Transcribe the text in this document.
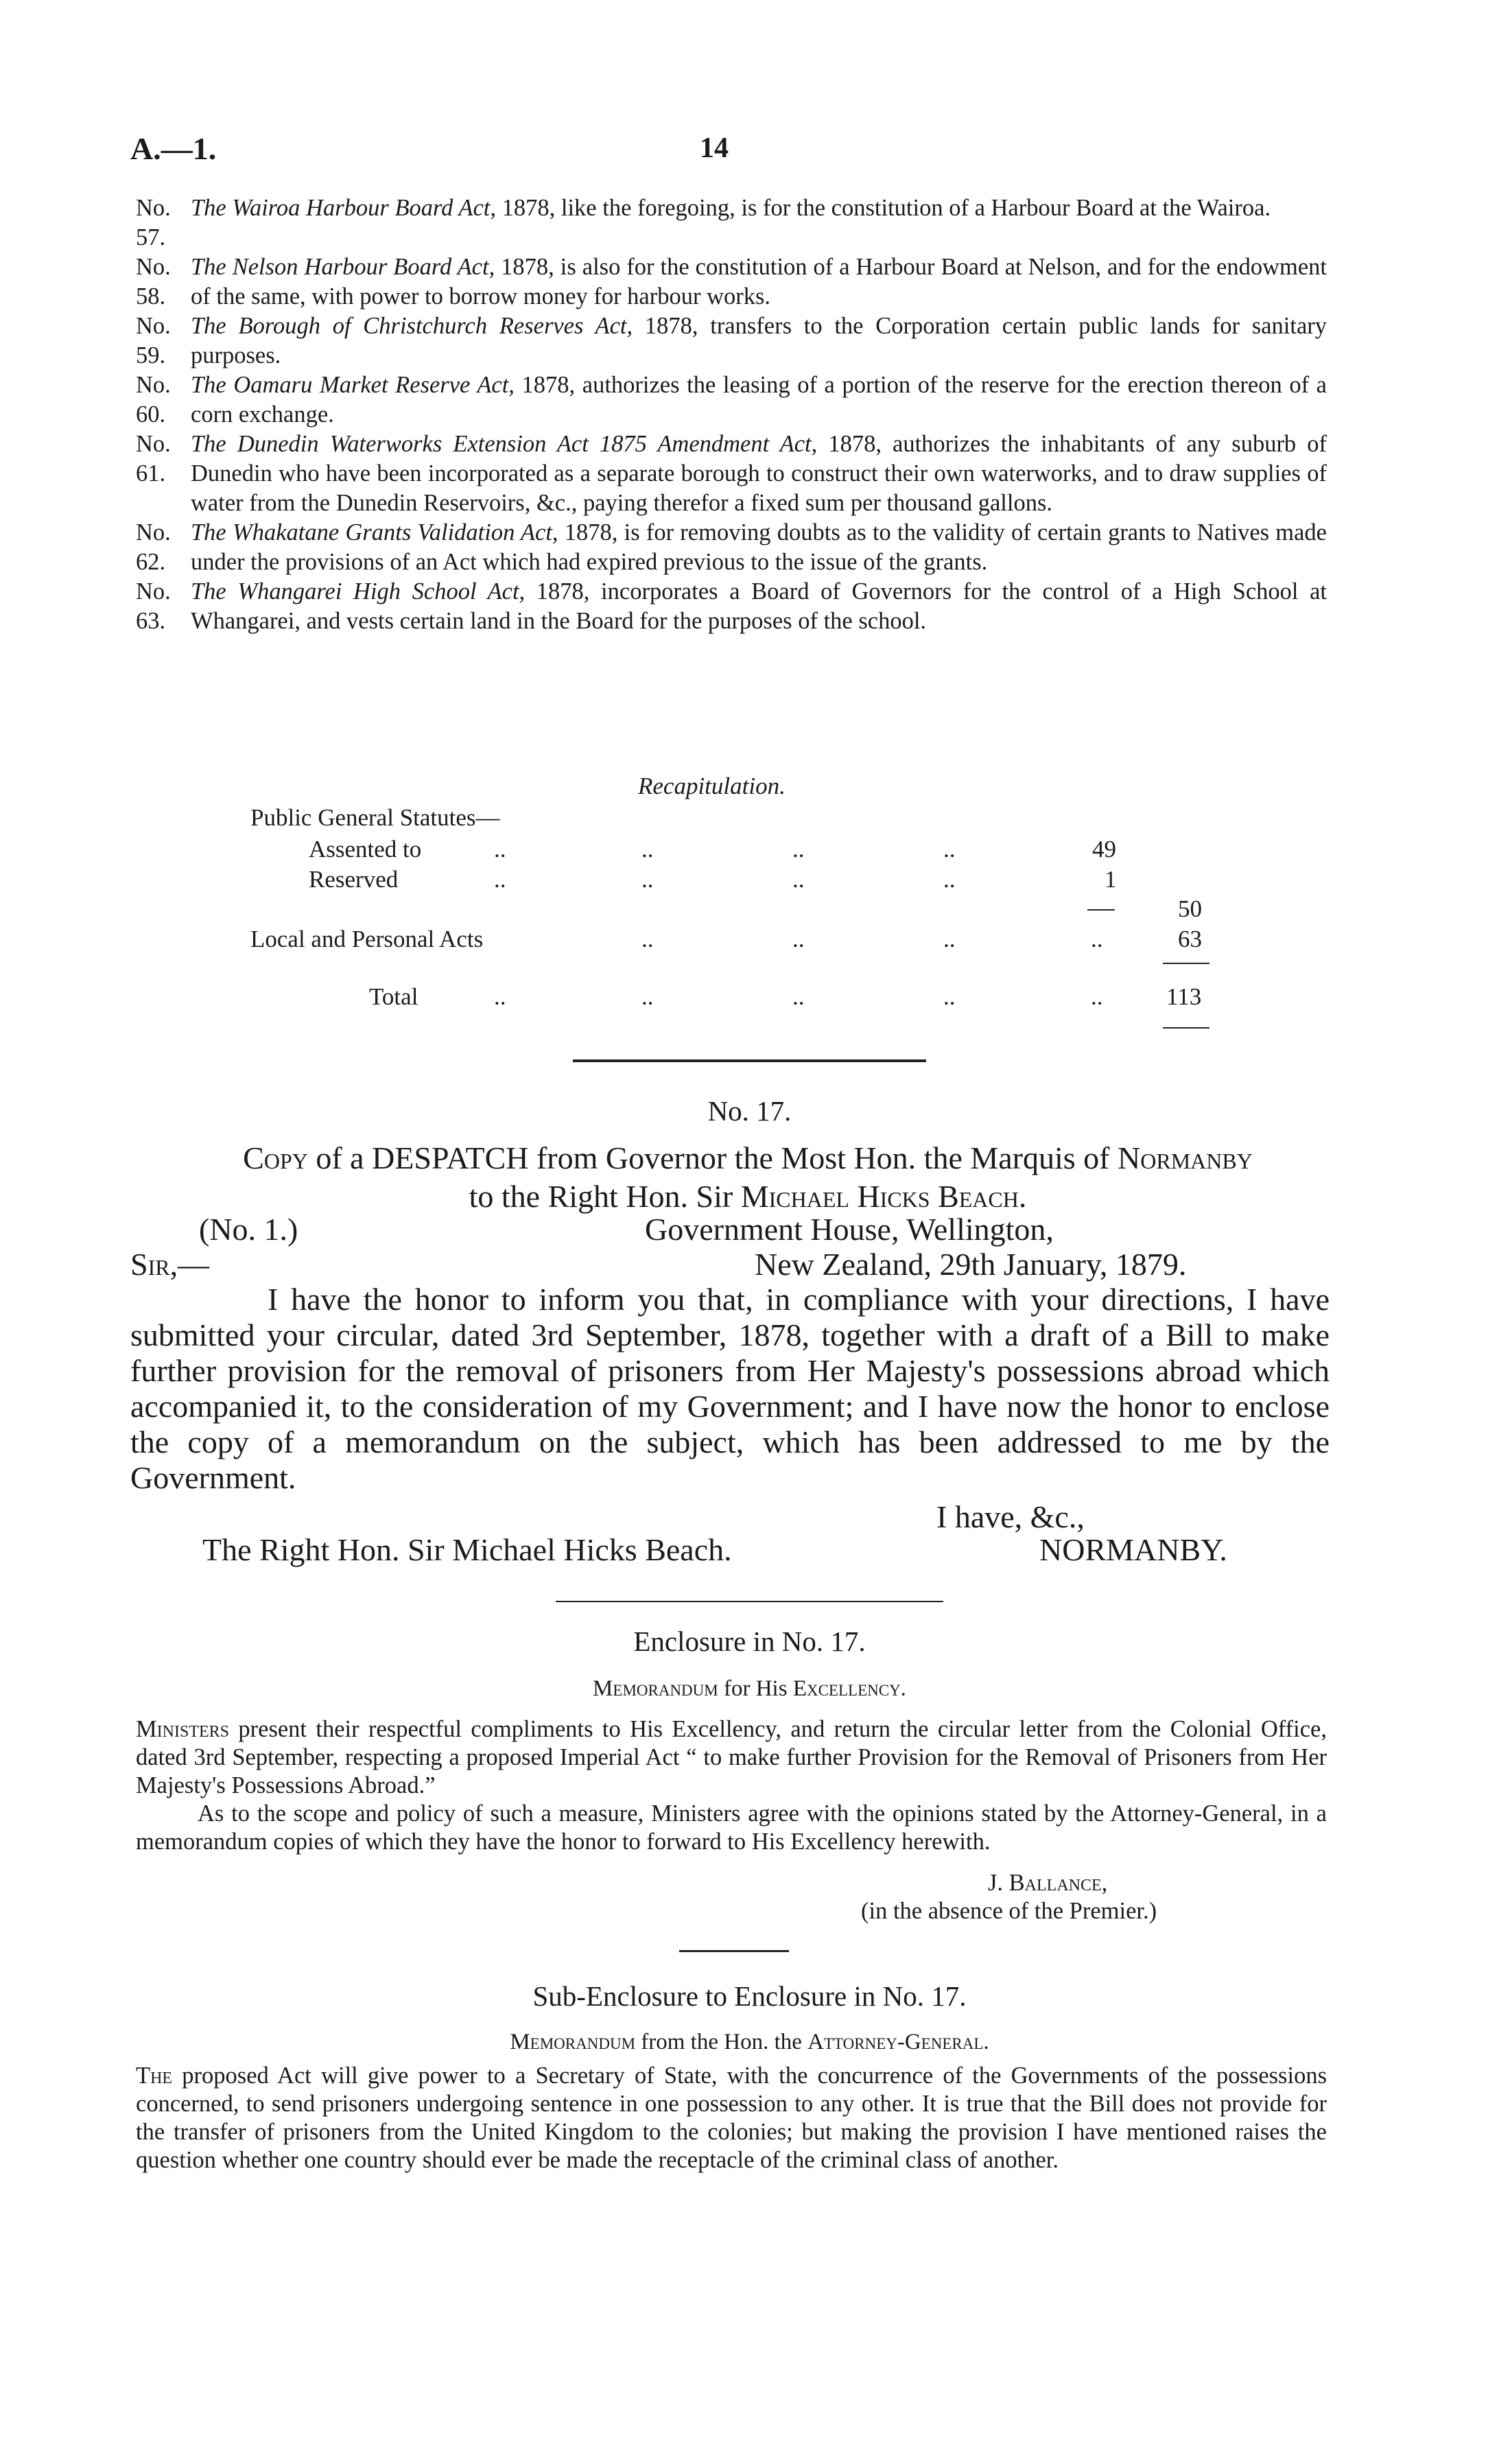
A.—1.	14
No. 57.
The Wairoa Harbour Board Act, 1878, like the foregoing, is for the constitution of a Harbour Board at the Wairoa.
No. 58.
The Nelson Harbour Board Act, 1878, is also for the constitution of a Harbour Board at Nelson, and for the endowment of the same, with power to borrow money for harbour works.
No. 59.
The Borough of Christchurch Reserves Act, 1878, transfers to the Corporation certain public lands for sanitary purposes.
No. 60.
The Oamaru Market Reserve Act, 1878, authorizes the leasing of a portion of the reserve for the erection thereon of a corn exchange.
No. 61.
The Dunedin Waterworks Extension Act 1875 Amendment Act, 1878, authorizes the inhabitants of any suburb of Dunedin who have been incorporated as a separate borough to construct their own waterworks, and to draw supplies of water from the Dunedin Reservoirs, &c., paying therefor a fixed sum per thousand gallons.
No. 62.
The Whakatane Grants Validation Act, 1878, is for removing doubts as to the validity of certain grants to Natives made under the provisions of an Act which had expired previous to the issue of the grants.
No. 63.
The Whangarei High School Act, 1878, incorporates a Board of Governors for the control of a High School at Whangarei, and vests certain land in the Board for the purposes of the school.
Recapitulation.
Public General Statutes—
Assented to	..	..	..	..	49
Reserved	..	..	..	..	1
50
Local and Personal Acts	..	..	..	..	63
Total	..	..	..	..	..	113
No. 17.
Copy of a DESPATCH from Governor the Most Hon. the Marquis of Normanby
to the Right Hon. Sir Michael Hicks Beach.
(No. 1.)	Government House, Wellington,
Sir,—	New Zealand, 29th January, 1879.
I have the honor to inform you that, in compliance with your directions, I have submitted your circular, dated 3rd September, 1878, together with a draft of a Bill to make further provision for the removal of prisoners from Her Majesty's possessions abroad which accompanied it, to the consideration of my Government; and I have now the honor to enclose the copy of a memorandum on the subject, which has been addressed to me by the Government.
I have, &c.,
The Right Hon. Sir Michael Hicks Beach.	NORMANBY.
Enclosure in No. 17.
Memorandum for His Excellency.
Ministers present their respectful compliments to His Excellency, and return the circular letter from the Colonial Office, dated 3rd September, respecting a proposed Imperial Act “ to make further Provision for the Removal of Prisoners from Her Majesty's Possessions Abroad.”
As to the scope and policy of such a measure, Ministers agree with the opinions stated by the Attorney-General, in a memorandum copies of which they have the honor to forward to His Excellency herewith.
J. Ballance,
(in the absence of the Premier.)
Sub-Enclosure to Enclosure in No. 17.
Memorandum from the Hon. the Attorney-General.
The proposed Act will give power to a Secretary of State, with the concurrence of the Governments of the possessions concerned, to send prisoners undergoing sentence in one possession to any other. It is true that the Bill does not provide for the transfer of prisoners from the United Kingdom to the colonies; but making the provision I have mentioned raises the question whether one country should ever be made the receptacle of the criminal class of another.
